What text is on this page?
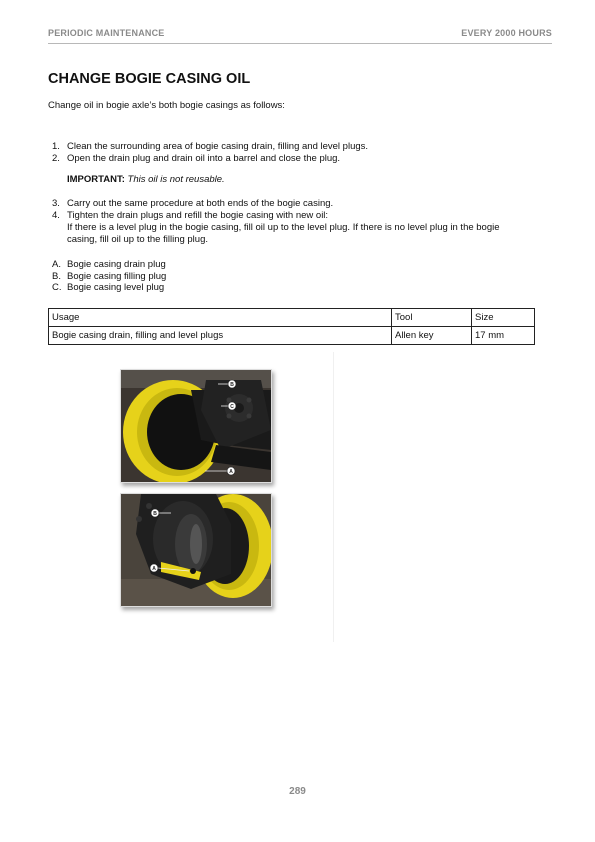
PERIODIC MAINTENANCE	EVERY 2000 HOURS
CHANGE BOGIE CASING OIL
Change oil in bogie axle’s both bogie casings as follows:
1. Clean the surrounding area of bogie casing drain, filling and level plugs.
2. Open the drain plug and drain oil into a barrel and close the plug.
IMPORTANT: This oil is not reusable.
3. Carry out the same procedure at both ends of the bogie casing.
4. Tighten the drain plugs and refill the bogie casing with new oil:
If there is a level plug in the bogie casing, fill oil up to the level plug. If there is no level plug in the bogie casing, fill oil up to the filling plug.
A. Bogie casing drain plug
B. Bogie casing filling plug
C. Bogie casing level plug
Usage	Tool	Size
Bogie casing drain, filling and level plugs	Allen key	17 mm
B
C
A
B
A
289
